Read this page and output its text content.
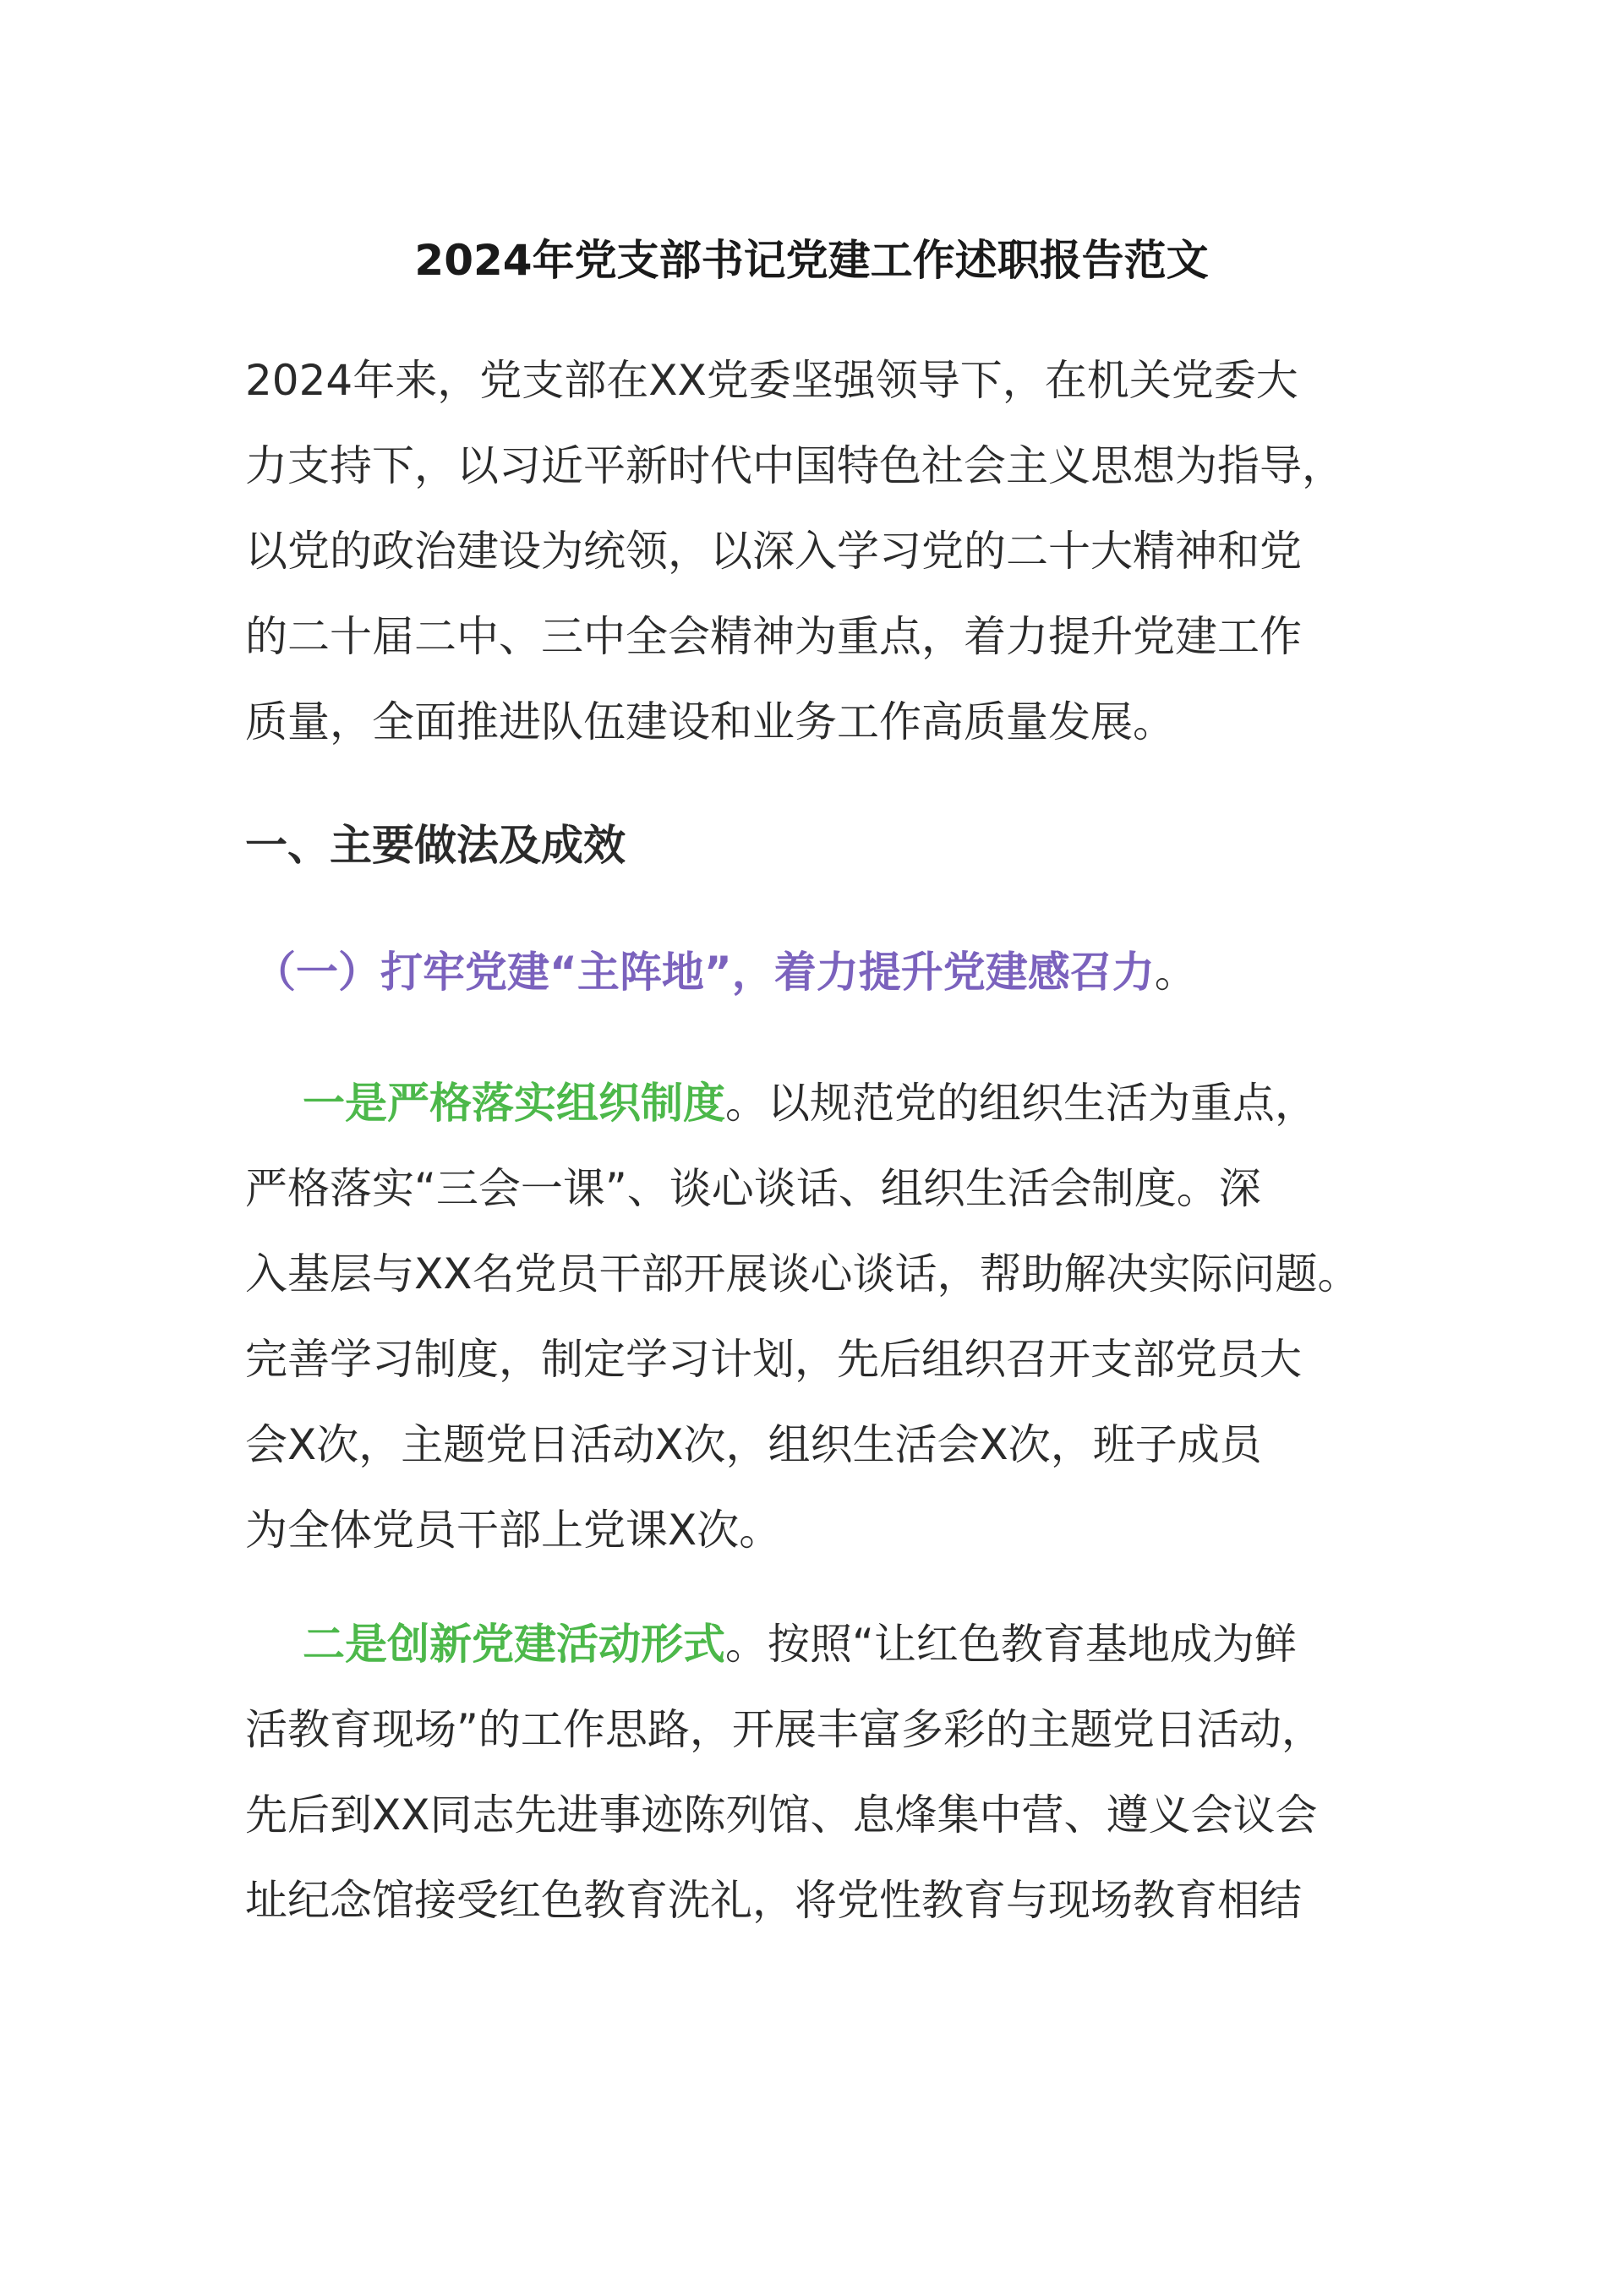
2024年党支部书记党建工作述职报告范文

2024年来，党支部在XX党委坚强领导下，在机关党委大
力支持下，以习近平新时代中国特色社会主义思想为指导，
以党的政治建设为统领，以深入学习党的二十大精神和党
的二十届二中、三中全会精神为重点，着力提升党建工作
质量，全面推进队伍建设和业务工作高质量发展。

一、主要做法及成效
（一）打牢党建“主阵地”，着力提升党建感召力。

一是严格落实组织制度。以规范党的组织生活为重点，
严格落实“三会一课”、谈心谈话、组织生活会制度。深
入基层与XX名党员干部开展谈心谈话，帮助解决实际问题。
完善学习制度，制定学习计划，先后组织召开支部党员大
会X次，主题党日活动X次，组织生活会X次，班子成员
为全体党员干部上党课X次。

二是创新党建活动形式。按照“让红色教育基地成为鲜
活教育现场”的工作思路，开展丰富多彩的主题党日活动，
先后到XX同志先进事迹陈列馆、息烽集中营、遵义会议会
址纪念馆接受红色教育洗礼，将党性教育与现场教育相结
